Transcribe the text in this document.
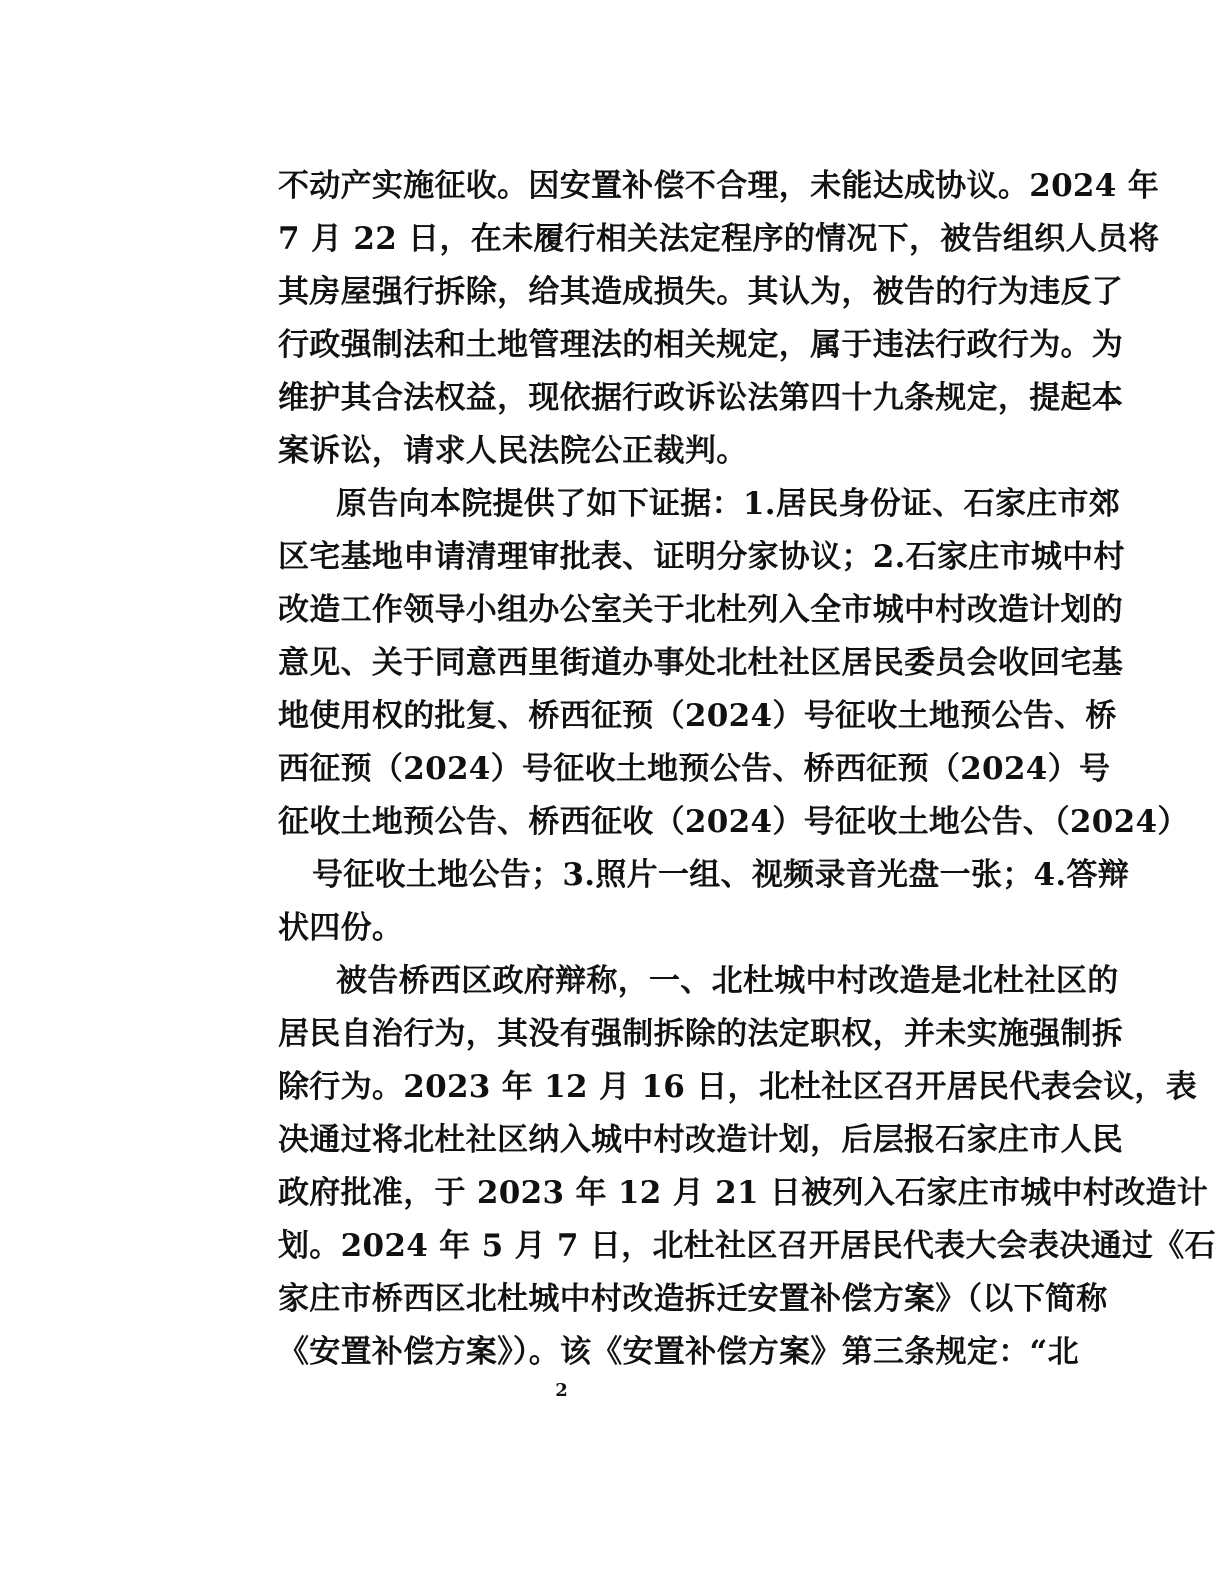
不动产实施征收。因安置补偿不合理，未能达成协议。2024 年
7 月 22 日，在未履行相关法定程序的情况下，被告组织人员将
其房屋强行拆除，给其造成损失。其认为，被告的行为违反了
行政强制法和土地管理法的相关规定，属于违法行政行为。为
维护其合法权益，现依据行政诉讼法第四十九条规定，提起本
案诉讼，请求人民法院公正裁判。
原告向本院提供了如下证据：1.居民身份证、石家庄市郊
区宅基地申请清理审批表、证明分家协议；2.石家庄市城中村
改造工作领导小组办公室关于北杜列入全市城中村改造计划的
意见、关于同意西里街道办事处北杜社区居民委员会收回宅基
地使用权的批复、桥西征预（2024） 号征收土地预公告、桥
西征预（2024） 号征收土地预公告、桥西征预（2024） 号
征收土地预公告、桥西征收（2024） 号征收土地公告、（2024）
号征收土地公告；3.照片一组、视频录音光盘一张；4.答辩
状四份。
被告桥西区政府辩称，一、北杜城中村改造是北杜社区的
居民自治行为，其没有强制拆除的法定职权，并未实施强制拆
除行为。2023 年 12 月 16 日，北杜社区召开居民代表会议，表
决通过将北杜社区纳入城中村改造计划，后层报石家庄市人民
政府批准，于 2023 年 12 月 21 日被列入石家庄市城中村改造计
划。2024 年 5 月 7 日，北杜社区召开居民代表大会表决通过《石
家庄市桥西区北杜城中村改造拆迁安置补偿方案》（以下简称
《安置补偿方案》）。该《安置补偿方案》第三条规定：“北
2
